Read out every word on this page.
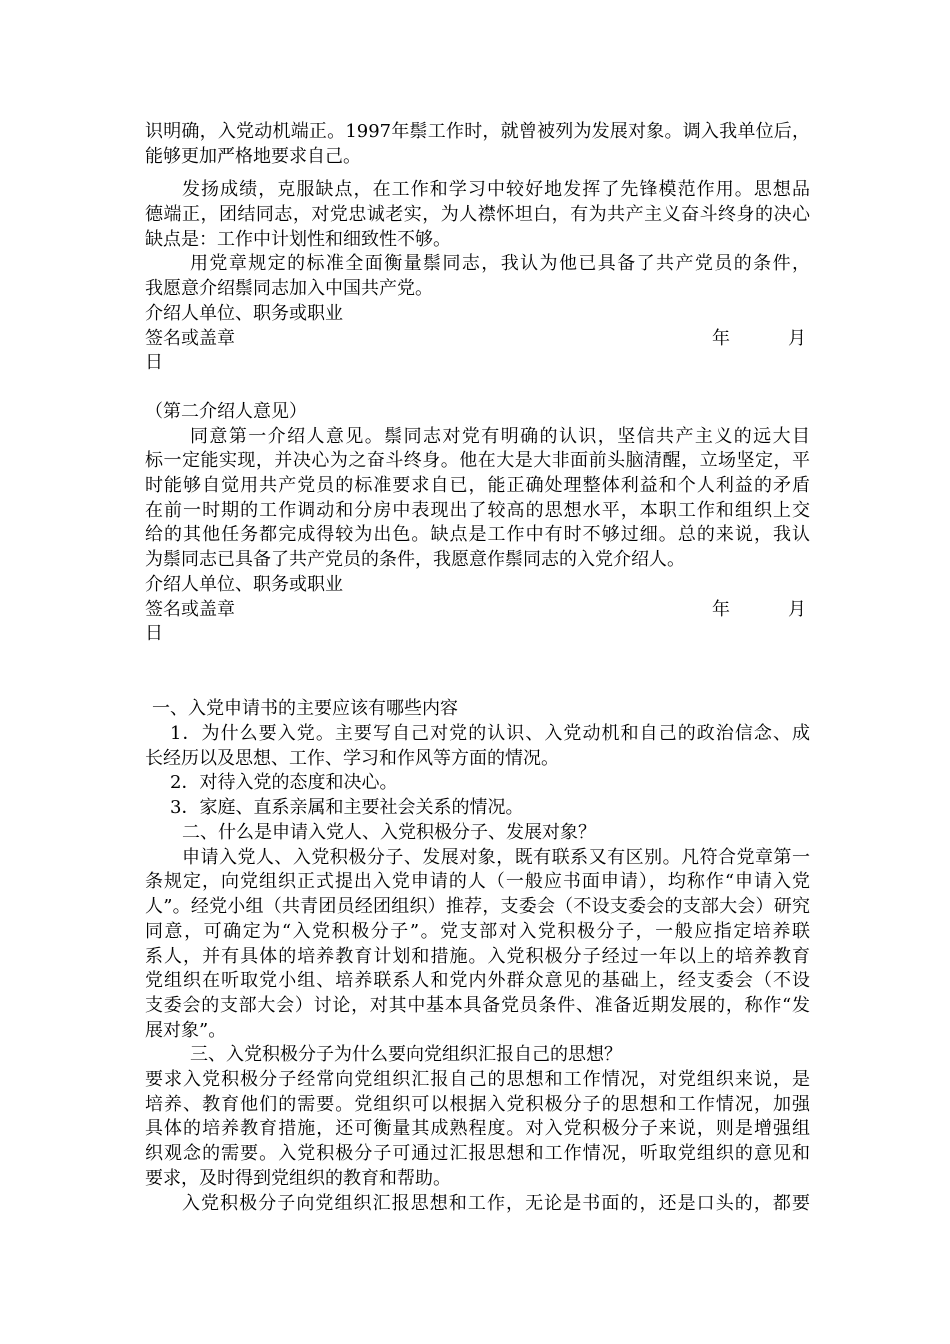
识明确，入党动机端正。1997年鬃工作时，就曾被列为发展对象。调入我单位后，
能够更加严格地要求自己。
发扬成绩，克服缺点，在工作和学习中较好地发挥了先锋模范作用。思想品
德端正，团结同志，对党忠诚老实，为人襟怀坦白，有为共产主义奋斗终身的决心
缺点是：工作中计划性和细致性不够。
用党章规定的标准全面衡量鬃同志，我认为他已具备了共产党员的条件，
我愿意介绍鬃同志加入中国共产党。
介绍人单位、职务或职业
签名或盖章	年	月
日
（第二介绍人意见）
同意第一介绍人意见。鬃同志对党有明确的认识，坚信共产主义的远大目
标一定能实现，并决心为之奋斗终身。他在大是大非面前头脑清醒，立场坚定，平
时能够自觉用共产党员的标准要求自已，能正确处理整体利益和个人利益的矛盾
在前一时期的工作调动和分房中表现出了较高的思想水平，本职工作和组织上交
给的其他任务都完成得较为出色。缺点是工作中有时不够过细。总的来说，我认
为鬃同志已具备了共产党员的条件，我愿意作鬃同志的入党介绍人。
介绍人单位、职务或职业
签名或盖章	年	月
日
一、入党申请书的主要应该有哪些内容
1．为什么要入党。主要写自己对党的认识、入党动机和自己的政治信念、成
长经历以及思想、工作、学习和作风等方面的情况。
2．对待入党的态度和决心。
3．家庭、直系亲属和主要社会关系的情况。
二、什么是申请入党人、入党积极分子、发展对象？
申请入党人、入党积极分子、发展对象，既有联系又有区别。凡符合党章第一
条规定，向党组织正式提出入党申请的人（一般应书面申请），均称作“申请入党
人”。经党小组（共青团员经团组织）推荐，支委会（不设支委会的支部大会）研究
同意，可确定为“入党积极分子”。党支部对入党积极分子，一般应指定培养联
系人，并有具体的培养教育计划和措施。入党积极分子经过一年以上的培养教育
党组织在听取党小组、培养联系人和党内外群众意见的基础上，经支委会（不设
支委会的支部大会）讨论，对其中基本具备党员条件、准备近期发展的，称作“发
展对象”。
三、入党积极分子为什么要向党组织汇报自己的思想？
要求入党积极分子经常向党组织汇报自己的思想和工作情况，对党组织来说，是
培养、教育他们的需要。党组织可以根据入党积极分子的思想和工作情况，加强
具体的培养教育措施，还可衡量其成熟程度。对入党积极分子来说，则是增强组
织观念的需要。入党积极分子可通过汇报思想和工作情况，听取党组织的意见和
要求，及时得到党组织的教育和帮助。
入党积极分子向党组织汇报思想和工作，无论是书面的，还是口头的，都要
